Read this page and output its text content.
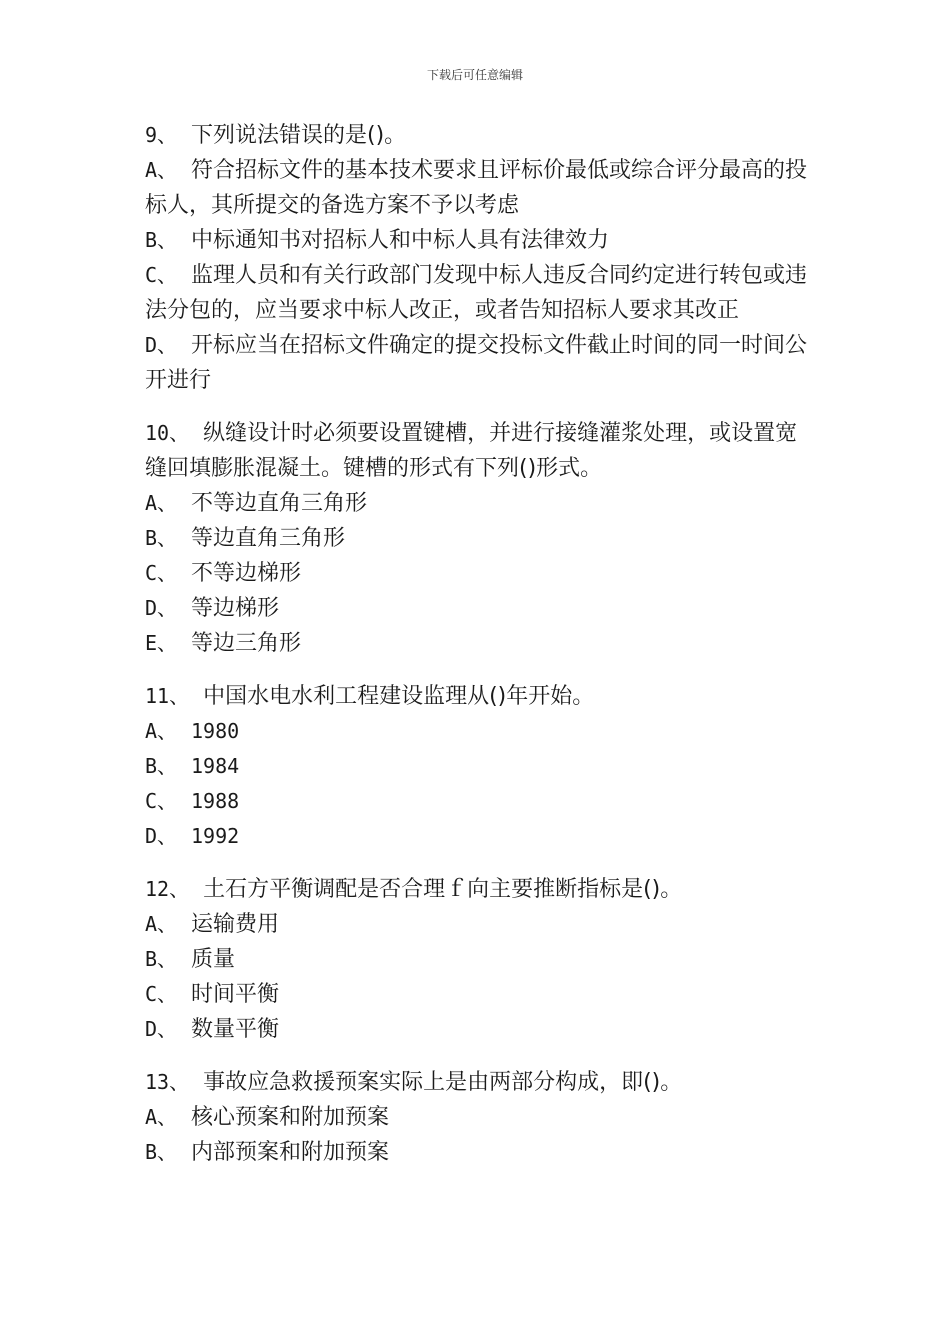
下载后可任意编辑
9、 下列说法错误的是()。
A、 符合招标文件的基本技术要求且评标价最低或综合评分最高的投标人，其所提交的备选方案不予以考虑
B、 中标通知书对招标人和中标人具有法律效力
C、 监理人员和有关行政部门发现中标人违反合同约定进行转包或违法分包的，应当要求中标人改正，或者告知招标人要求其改正
D、 开标应当在招标文件确定的提交投标文件截止时间的同一时间公开进行
10、 纵缝设计时必须要设置键槽，并进行接缝灌浆处理，或设置宽缝回填膨胀混凝土。键槽的形式有下列()形式。
A、 不等边直角三角形
B、 等边直角三角形
C、 不等边梯形
D、 等边梯形
E、 等边三角形
11、 中国水电水利工程建设监理从()年开始。
A、 1980
B、 1984
C、 1988
D、 1992
12、 土石方平衡调配是否合理ｆ向主要推断指标是()。
A、 运输费用
B、 质量
C、 时间平衡
D、 数量平衡
13、 事故应急救援预案实际上是由两部分构成，即()。
A、 核心预案和附加预案
B、 内部预案和附加预案
